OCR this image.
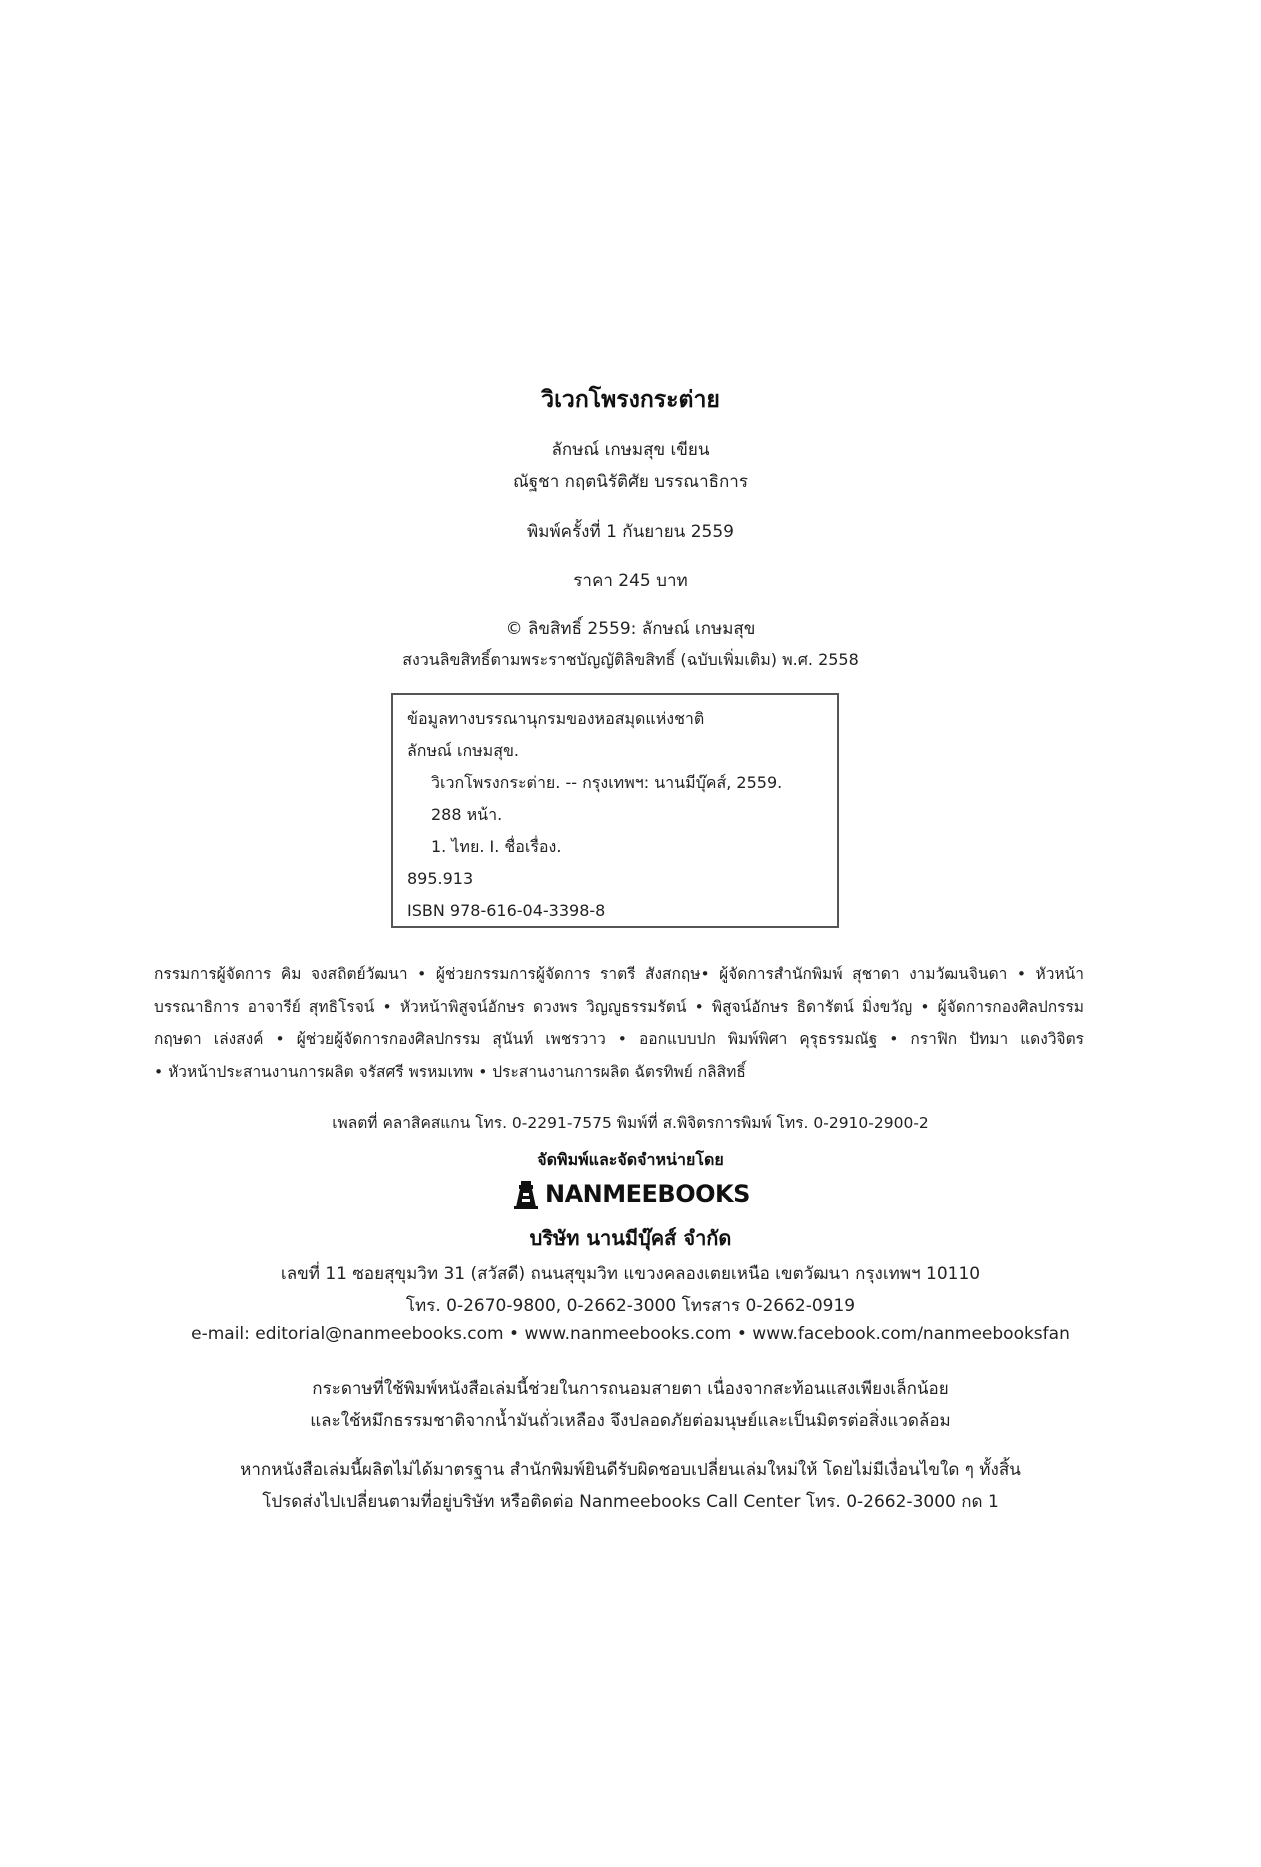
วิเวกโพรงกระต่าย
ลักษณ์ เกษมสุข เขียน
ณัฐชา กฤตนิรัติศัย บรรณาธิการ
พิมพ์ครั้งที่ 1 กันยายน 2559
ราคา 245 บาท
© ลิขสิทธิ์ 2559: ลักษณ์ เกษมสุข
สงวนลิขสิทธิ์ตามพระราชบัญญัติลิขสิทธิ์ (ฉบับเพิ่มเติม) พ.ศ. 2558
ข้อมูลทางบรรณานุกรมของหอสมุดแห่งชาติ
ลักษณ์ เกษมสุข.
วิเวกโพรงกระต่าย. -- กรุงเทพฯ: นานมีบุ๊คส์, 2559.
288 หน้า.
1. ไทย. I. ชื่อเรื่อง.
895.913
ISBN 978-616-04-3398-8
กรรมการผู้จัดการ คิม จงสถิตย์วัฒนา • ผู้ช่วยกรรมการผู้จัดการ ราตรี สังสกฤษ• ผู้จัดการสำนักพิมพ์ สุชาดา งามวัฒนจินดา • หัวหน้า
บรรณาธิการ อาจารีย์ สุทธิโรจน์ • หัวหน้าพิสูจน์อักษร ดวงพร วิญญูธรรมรัตน์ • พิสูจน์อักษร ธิดารัตน์ มิ่งขวัญ • ผู้จัดการกองศิลปกรรม
กฤษดา เล่งสงค์ • ผู้ช่วยผู้จัดการกองศิลปกรรม สุนันท์ เพชรวาว • ออกแบบปก พิมพ์พิศา คุรุธรรมณัฐ • กราฟิก ปัทมา แดงวิจิตร
• หัวหน้าประสานงานการผลิต จรัสศรี พรหมเทพ • ประสานงานการผลิต ฉัตรทิพย์ กลิสิทธิ์
เพลตที่ คลาสิคสแกน โทร. 0-2291-7575 พิมพ์ที่ ส.พิจิตรการพิมพ์ โทร. 0-2910-2900-2
จัดพิมพ์และจัดจำหน่ายโดย
NANMEEBOOKS
บริษัท นานมีบุ๊คส์ จำกัด
เลขที่ 11 ซอยสุขุมวิท 31 (สวัสดี) ถนนสุขุมวิท แขวงคลองเตยเหนือ เขตวัฒนา กรุงเทพฯ 10110
โทร. 0-2670-9800, 0-2662-3000 โทรสาร 0-2662-0919
e-mail: editorial@nanmeebooks.com • www.nanmeebooks.com • www.facebook.com/nanmeebooksfan
กระดาษที่ใช้พิมพ์หนังสือเล่มนี้ช่วยในการถนอมสายตา เนื่องจากสะท้อนแสงเพียงเล็กน้อย
และใช้หมึกธรรมชาติจากน้ำมันถั่วเหลือง จึงปลอดภัยต่อมนุษย์และเป็นมิตรต่อสิ่งแวดล้อม
หากหนังสือเล่มนี้ผลิตไม่ได้มาตรฐาน สำนักพิมพ์ยินดีรับผิดชอบเปลี่ยนเล่มใหม่ให้ โดยไม่มีเงื่อนไขใด ๆ ทั้งสิ้น
โปรดส่งไปเปลี่ยนตามที่อยู่บริษัท หรือติดต่อ Nanmeebooks Call Center โทร. 0-2662-3000 กด 1
